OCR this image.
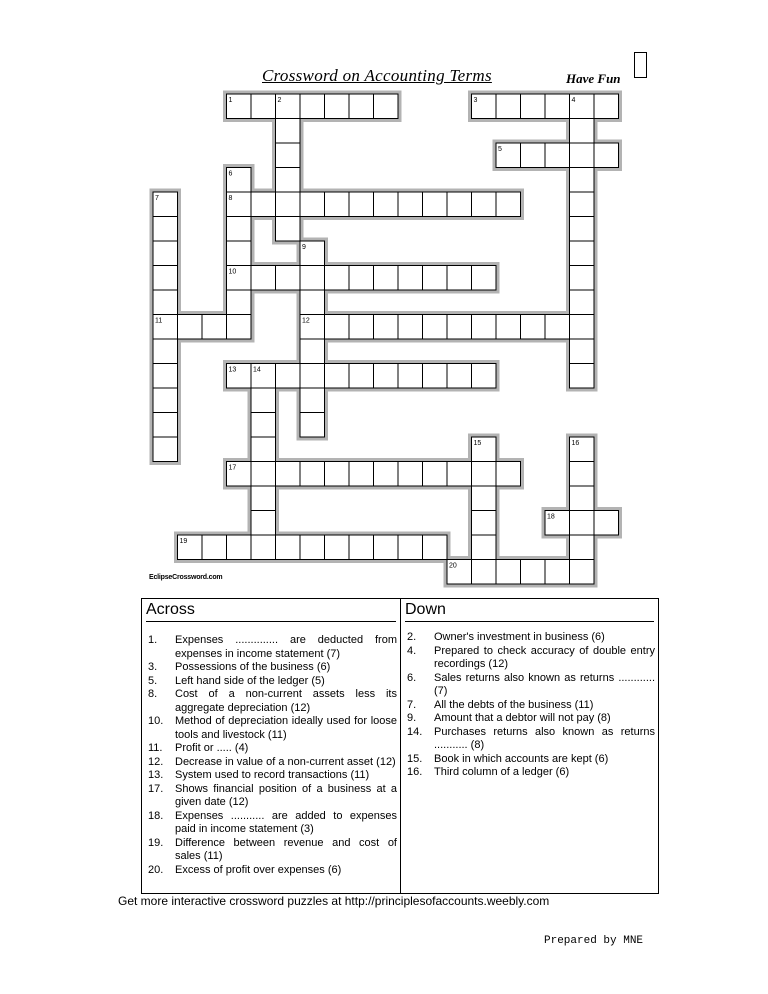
Crossword on Accounting Terms	Have Fun
1	3
5
8
10
11	12
13
17
18
19
20
2	4
6
7
9
14
15	16
EclipseCrossword.com
Across
1. Expenses .............. are deducted from expenses in income statement (7)
3. Possessions of the business (6)
5. Left hand side of the ledger (5)
8. Cost of a non-current assets less its aggregate depreciation (12)
10. Method of depreciation ideally used for loose tools and livestock (11)
11. Profit or ..... (4)
12. Decrease in value of a non-current asset (12)
13. System used to record transactions (11)
17. Shows financial position of a business at a given date (12)
18. Expenses ........... are added to expenses paid in income statement (3)
19. Difference between revenue and cost of sales (11)
20. Excess of profit over expenses (6)
Down
2. Owner's investment in business (6)
4. Prepared to check accuracy of double entry recordings (12)
6. Sales returns also known as returns ............ (7)
7. All the debts of the business (11)
9. Amount that a debtor will not pay (8)
14. Purchases returns also known as returns ........... (8)
15. Book in which accounts are kept (6)
16. Third column of a ledger (6)
Get more interactive crossword puzzles at http://principlesofaccounts.weebly.com
Prepared by MNE
